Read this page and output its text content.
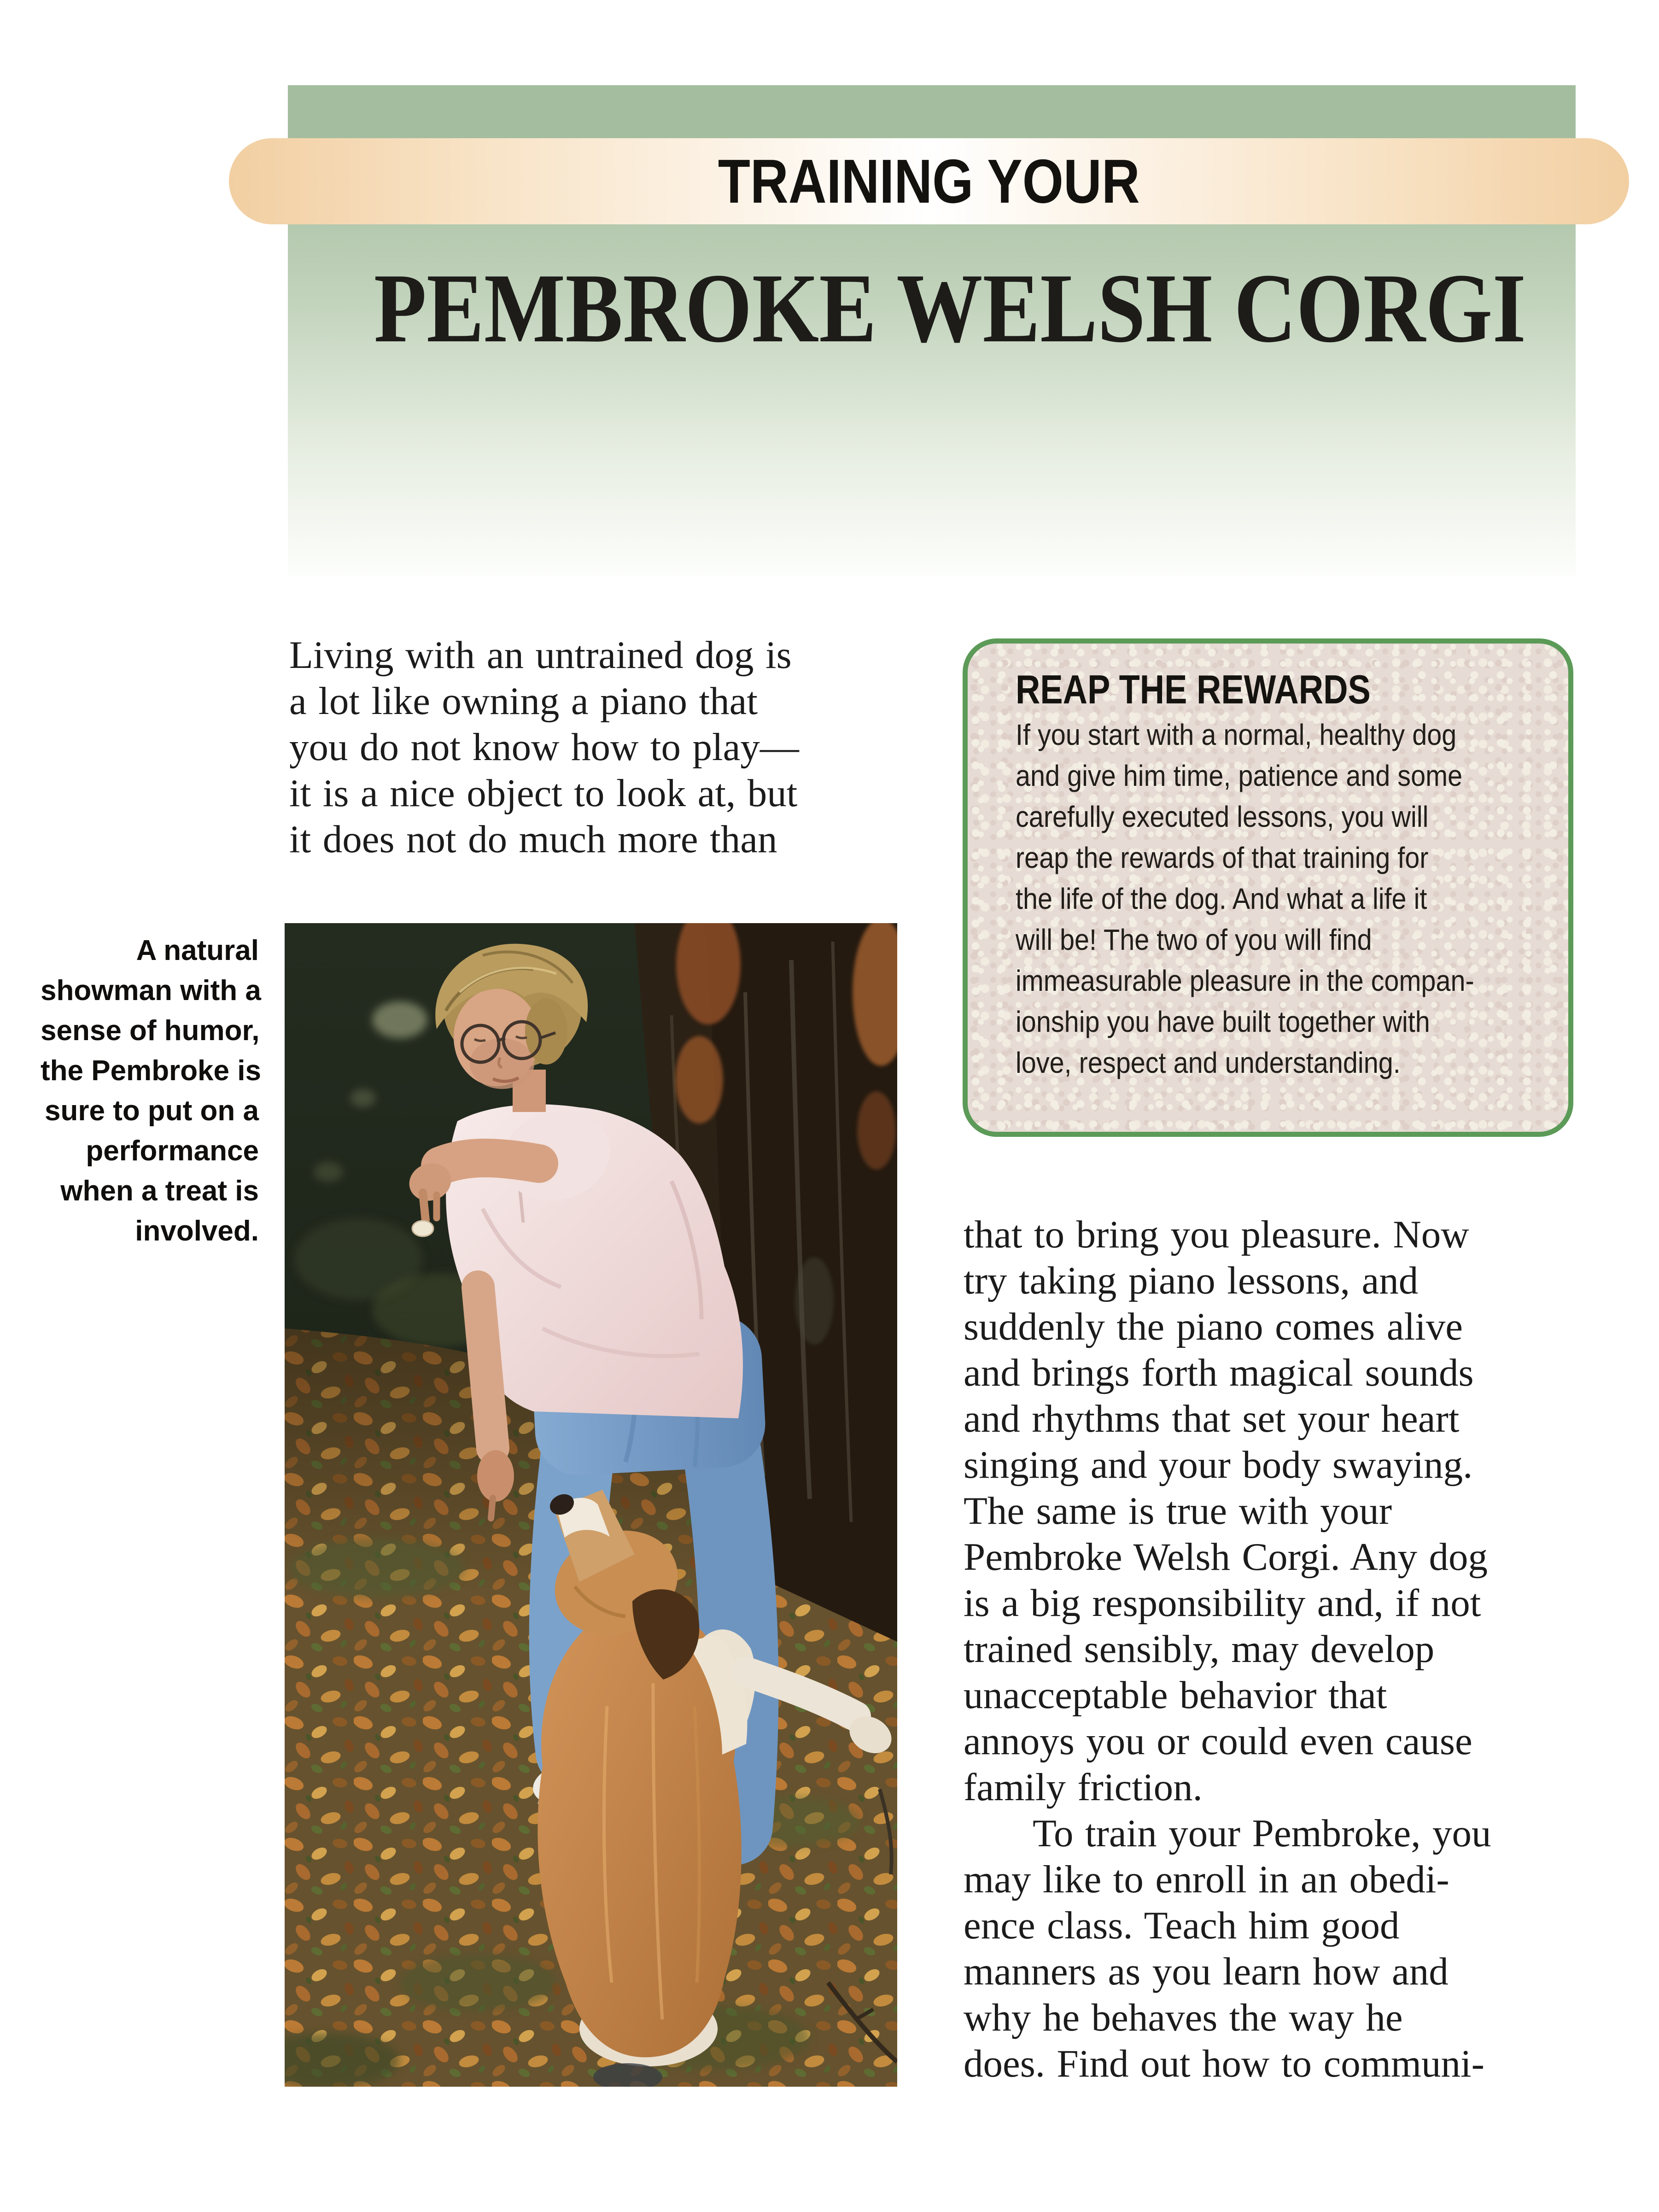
TRAINING YOUR
PEMBROKE WELSH CORGI
Living with an untrained dog is
a lot like owning a piano that
you do not know how to play—
it is a nice object to look at, but
it does not do much more than
A natural
showman with a
sense of humor,
the Pembroke is
sure to put on a
performance
when a treat is
involved.
REAP THE REWARDS
If you start with a normal, healthy dog
and give him time, patience and some
carefully executed lessons, you will
reap the rewards of that training for
the life of the dog. And what a life it
will be! The two of you will find
immeasurable pleasure in the compan-
ionship you have built together with
love, respect and understanding.
that to bring you pleasure. Now
try taking piano lessons, and
suddenly the piano comes alive
and brings forth magical sounds
and rhythms that set your heart
singing and your body swaying.
The same is true with your
Pembroke Welsh Corgi. Any dog
is a big responsibility and, if not
trained sensibly, may develop
unacceptable behavior that
annoys you or could even cause
family friction.
To train your Pembroke, you
may like to enroll in an obedi-
ence class. Teach him good
manners as you learn how and
why he behaves the way he
does. Find out how to communi-
